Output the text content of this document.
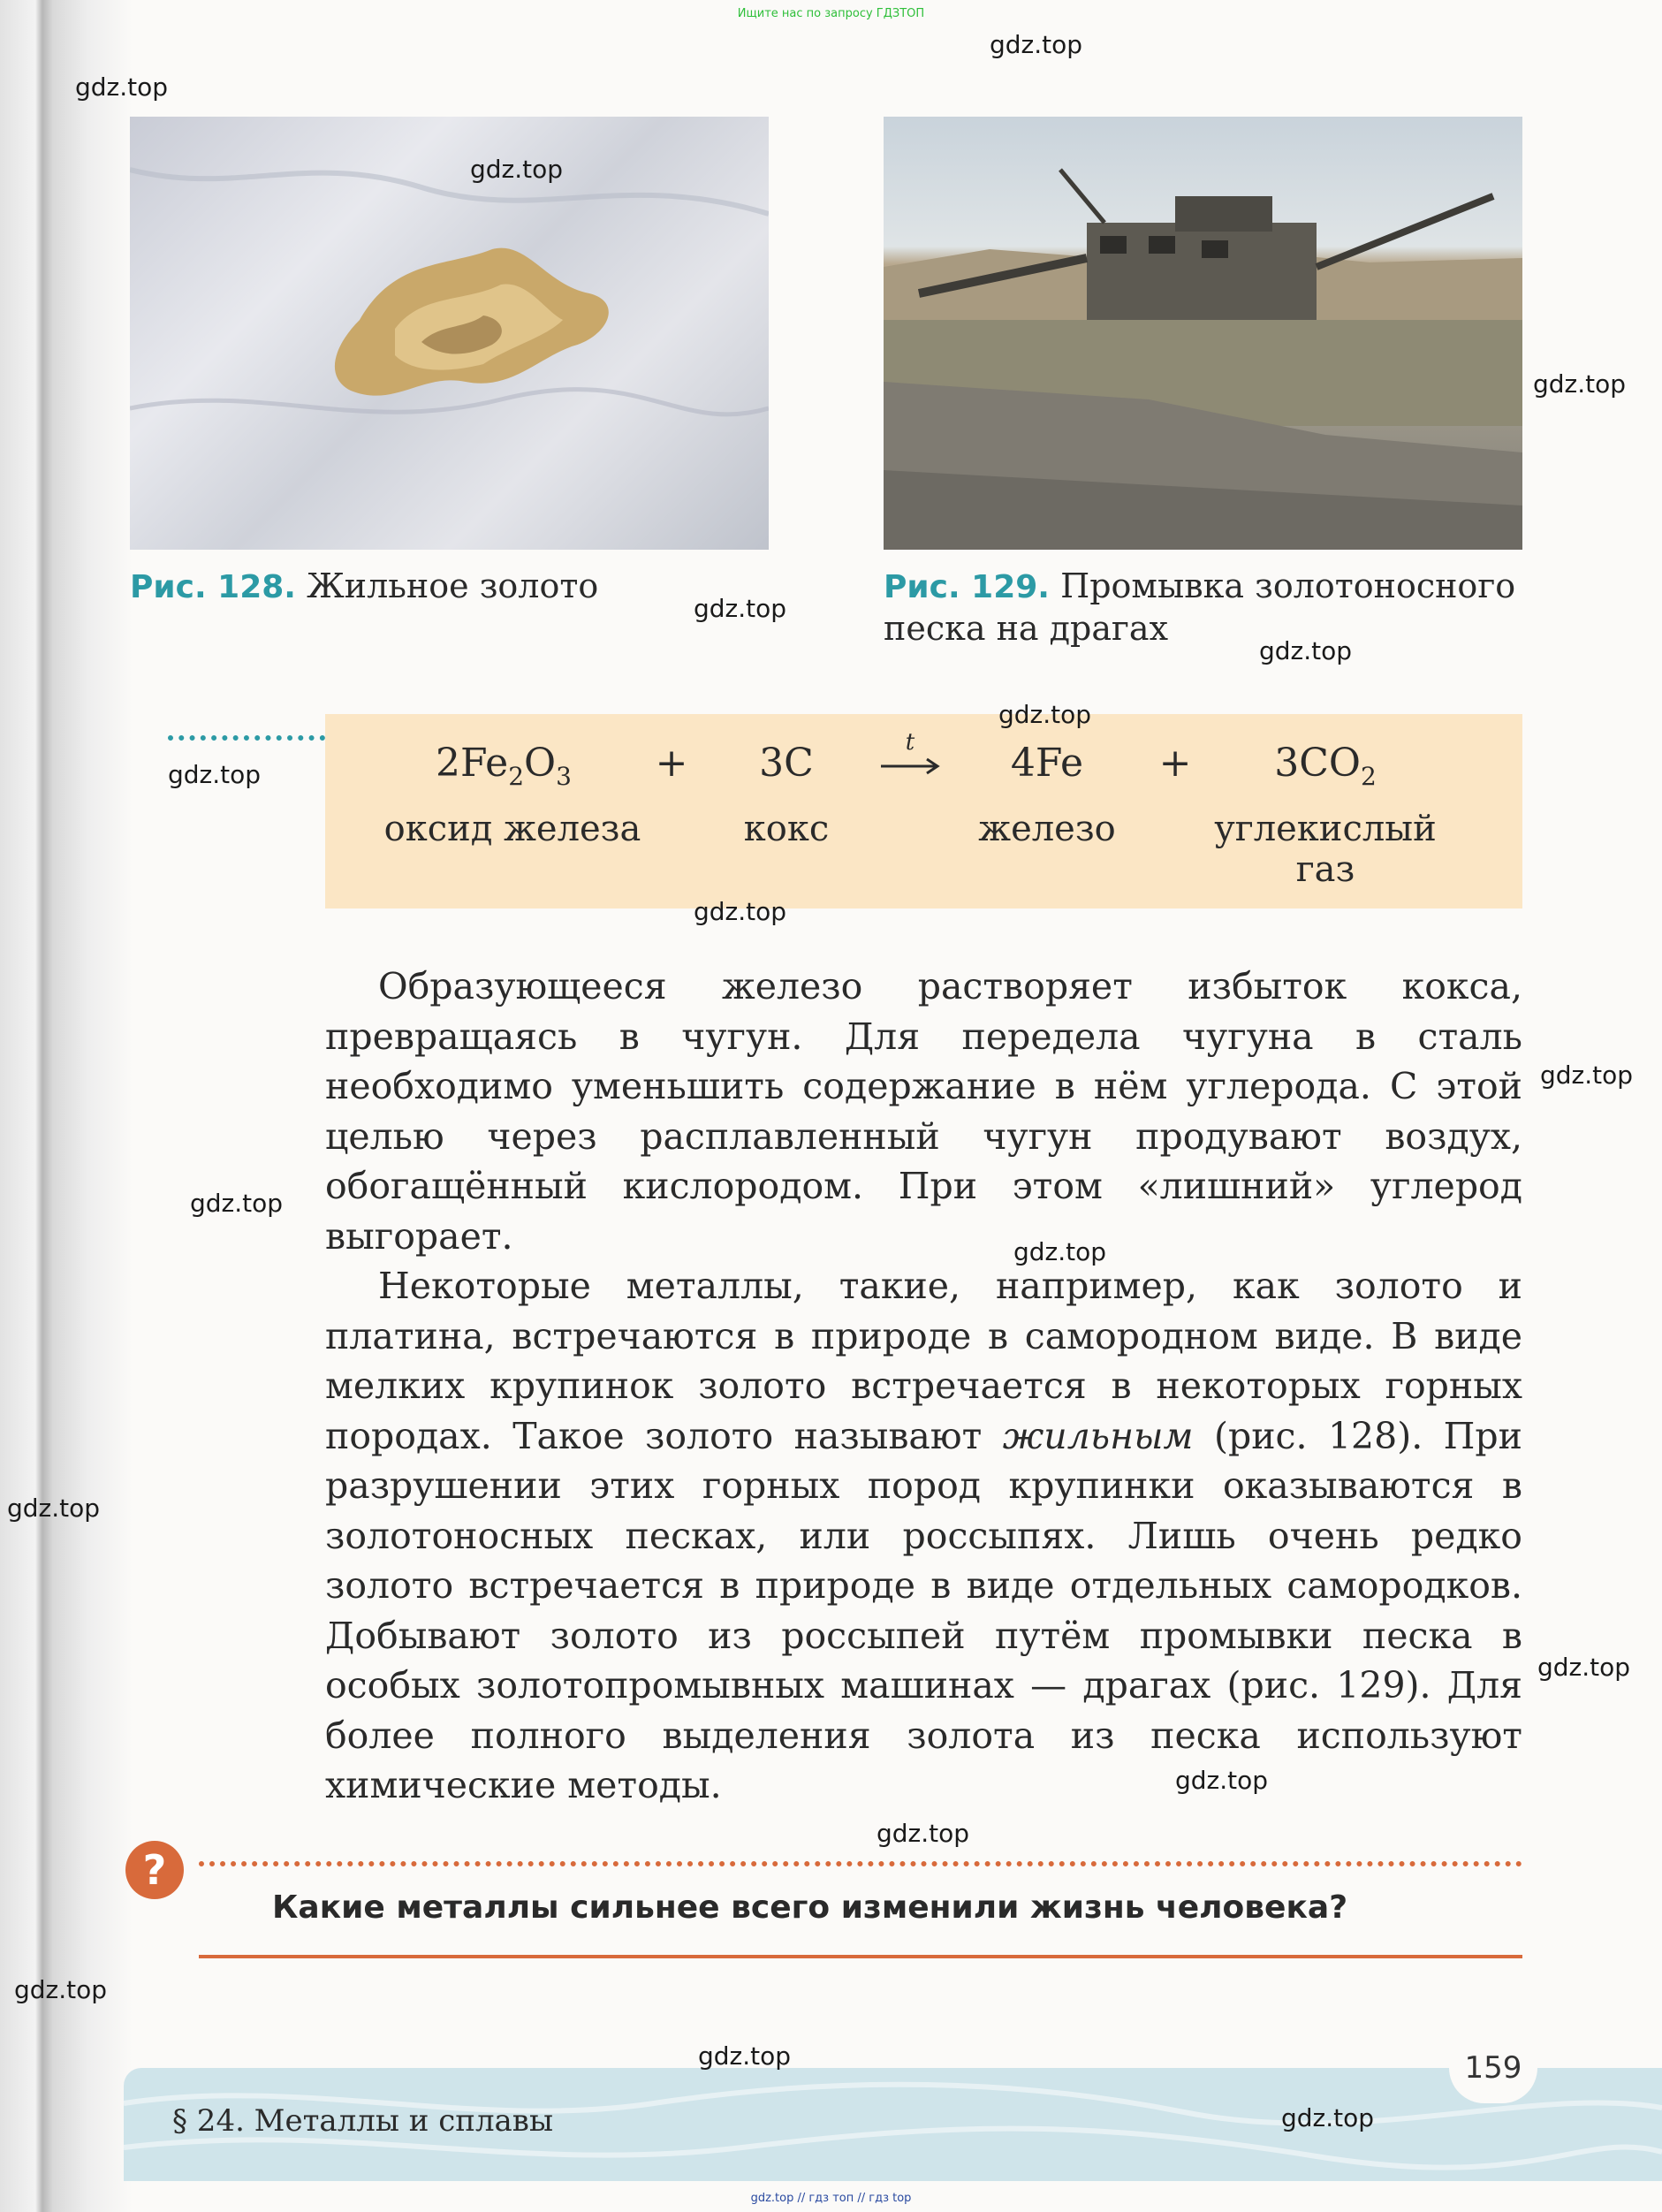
Ищите нас по запросу ГДЗТОП
Рис. 128. Жильное золото	Рис. 129. Промывка золотоносного
песка на драгах
$2Fe_2O_3$	+	3C	t	4Fe	+	$3CO_2$
оксид железа	кокс	железо	углекислый
газ

Образующееся железо растворяет избыток кокса, превращаясь в чугун. Для передела чугуна в сталь необходимо уменьшить содержание в нём углерода. С этой целью через расплавленный чугун продувают воздух, обогащённый кислородом. При этом «лишний» углерод выгорает.

Некоторые металлы, такие, например, как золото и платина, встречаются в природе в самородном виде. В виде мелких крупинок золото встречается в некоторых горных породах. Такое золото называют жильным (рис. 128). При разрушении этих горных пород крупинки оказываются в золотоносных песках, или россыпях. Лишь очень редко золото встречается в природе в виде отдельных самородков. Добывают золото из россыпей путём промывки песка в особых золотопромывных машинах — драгах (рис. 129). Для более полного выделения золота из песка используют химические методы.

?
Какие металлы сильнее всего изменили жизнь человека?
159
§ 24. Металлы и сплавы
gdz.top
gdz.top
gdz.top
gdz.top
gdz.top
gdz.top
gdz.top
gdz.top
gdz.top
gdz.top
gdz.top
gdz.top
gdz.top
gdz.top
gdz.top
gdz.top
gdz.top
gdz.top
gdz.top
gdz.top // гдз топ // гдз top
